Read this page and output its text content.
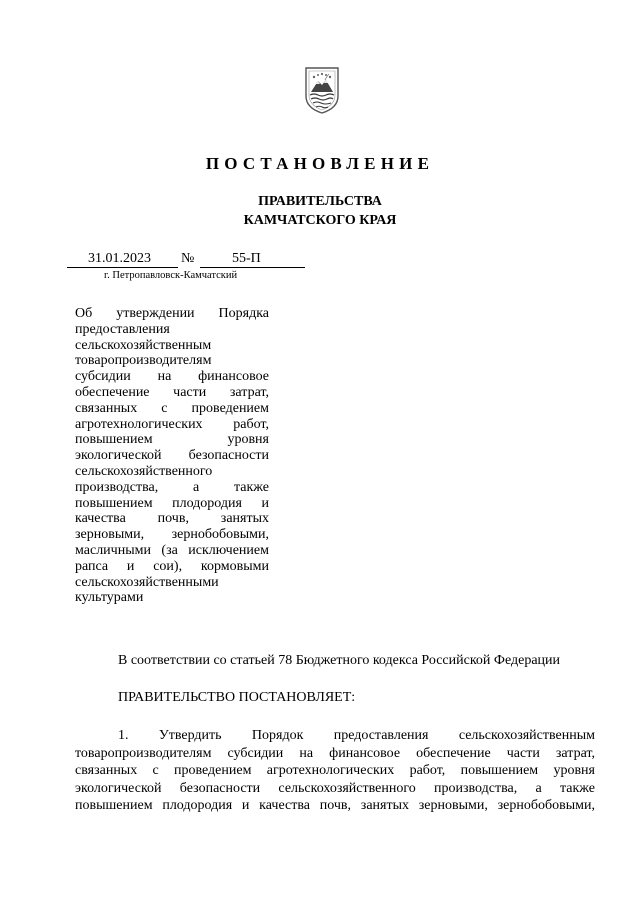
ПОСТАНОВЛЕНИЕ
ПРАВИТЕЛЬСТВА
КАМЧАТСКОГО КРАЯ
31.01.2023 №	55-П
г. Петропавловск-Камчатский
Об утверждении Порядка
предоставления
сельскохозяйственным
товаропроизводителям
субсидии на финансовое
обеспечение части затрат,
связанных с проведением
агротехнологических работ,
повышением уровня
экологической безопасности
сельскохозяйственного
производства, а также
повышением плодородия и
качества почв, занятых
зерновыми, зернобобовыми,
масличными (за исключением
рапса и сои), кормовыми
сельскохозяйственными
культурами
В соответствии со статьей 78 Бюджетного кодекса Российской Федерации
ПРАВИТЕЛЬСТВО ПОСТАНОВЛЯЕТ:
1. Утвердить Порядок предоставления сельскохозяйственным
товаропроизводителям субсидии на финансовое обеспечение части затрат,
связанных с проведением агротехнологических работ, повышением уровня
экологической безопасности сельскохозяйственного производства, а также
повышением плодородия и качества почв, занятых зерновыми, зернобобовыми,
